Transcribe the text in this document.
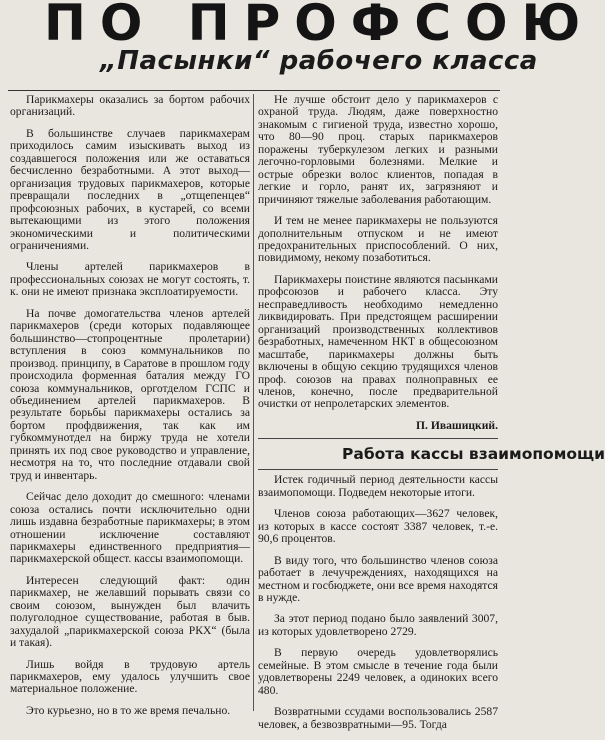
ПО ПРОФСОЮ
„Пасынки“ рабочего класса

Парикмахеры оказались за бортом рабочих организаций.

В большинстве случаев парикмахерам приходилось самим изыскивать выход из создавшегося положения или же оставаться бесчисленно безработными. А этот выход—организация трудовых парикмахеров, которые превращали последних в „отщепенцев“ профсоюзных рабочих, в кустарей, со всеми вытекающими из этого положения экономическими и политическими ограничениями.

Члены артелей парикмахеров в профессиональных союзах не могут состоять, т. к. они не имеют признака эксплоатируемости.

На почве домогательства членов артелей парикмахеров (среди которых подавляющее большинство—стопроцентные пролетарии) вступления в союз коммунальников по производ. принципу, в Саратове в прошлом году происходила форменная баталия между ГО союза коммунальников, орготделом ГСПС и объединением артелей парикмахеров. В результате борьбы парикмахеры остались за бортом профдвижения, так как им губкоммунотдел на биржу труда не хотели принять их под свое руководство и управление, несмотря на то, что последние отдавали свой труд и инвентарь.

Сейчас дело доходит до смешного: членами союза остались почти исключительно одни лишь издавна безработные парикмахеры; в этом отношении исключение составляют парикмахеры единственного предприятия—парикмахерской общест. кассы взаимопомощи.

Интересен следующий факт: один парикмахер, не желавший порывать связи со своим союзом, вынужден был влачить полуголодное существование, работая в быв. захудалой „парикмахерской союза РКХ“ (была и такая).

Лишь войдя в трудовую артель парикмахеров, ему удалось улучшить свое материальное положение.

Это курьезно, но в то же время печально.

Не лучше обстоит дело у парикмахеров с охраной труда. Людям, даже поверхностно знакомым с гигиеной труда, известно хорошо, что 80—90 проц. старых парикмахеров поражены туберкулезом легких и разными легочно-горловыми болезнями. Мелкие и острые обрезки волос клиентов, попадая в легкие и горло, ранят их, загрязняют и причиняют тяжелые заболевания работающим.

И тем не менее парикмахеры не пользуются дополнительным отпуском и не имеют предохранительных приспособлений. О них, повидимому, некому позаботиться.

Парикмахеры поистине являются пасынками профсоюзов и рабочего класса. Эту несправедливость необходимо немедленно ликвидировать. При предстоящем расширении организаций производственных коллективов безработных, намеченном НКТ в общесоюзном масштабе, парикмахеры должны быть включены в общую секцию трудящихся членов проф. союзов на правах полноправных ее членов, конечно, после предварительной очистки от непролетарских элементов.

П. Ивашицкий.

Работа кассы взаимопомощи

Истек годичный период деятельности кассы взаимопомощи. Подведем некоторые итоги.

Членов союза работающих—3627 человек, из которых в кассе состоят 3387 человек, т.-е. 90,6 процентов.

В виду того, что большинство членов союза работает в лечучреждениях, находящихся на местном и госбюджете, они все время находятся в нужде.

За этот период подано было заявлений 3007, из которых удовлетворено 2729.

В первую очередь удовлетворялись семейные. В этом смысле в течение года были удовлетворены 2249 человек, а одиноких всего 480.

Возвратными ссудами воспользовались 2587 человек, а безвозвратными—95. Тогда
